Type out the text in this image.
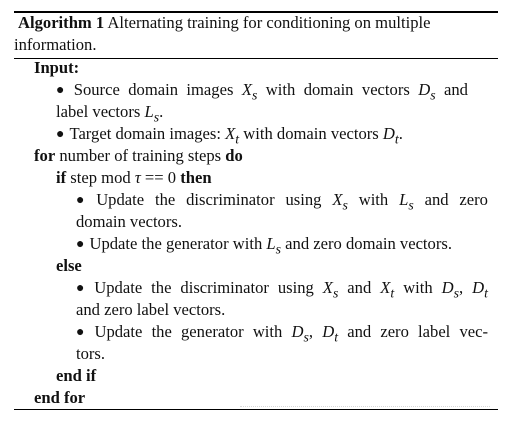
Algorithm 1 Alternating training for conditioning on multiple
information.
Input:
● Source domain images $X_s$ with domain vectors $D_s$ and
label vectors $L_s$.
● Target domain images: $X_t$ with domain vectors $D_t$.
for number of training steps do
if step mod τ == 0 then
● Update the discriminator using $X_s$ with $L_s$ and zero
domain vectors.
● Update the generator with $L_s$ and zero domain vectors.
else
● Update the discriminator using $X_s$ and $X_t$ with $D_s$, $D_t$
and zero label vectors.
● Update the generator with $D_s$, $D_t$ and zero label vec-
tors.
end if
end for
